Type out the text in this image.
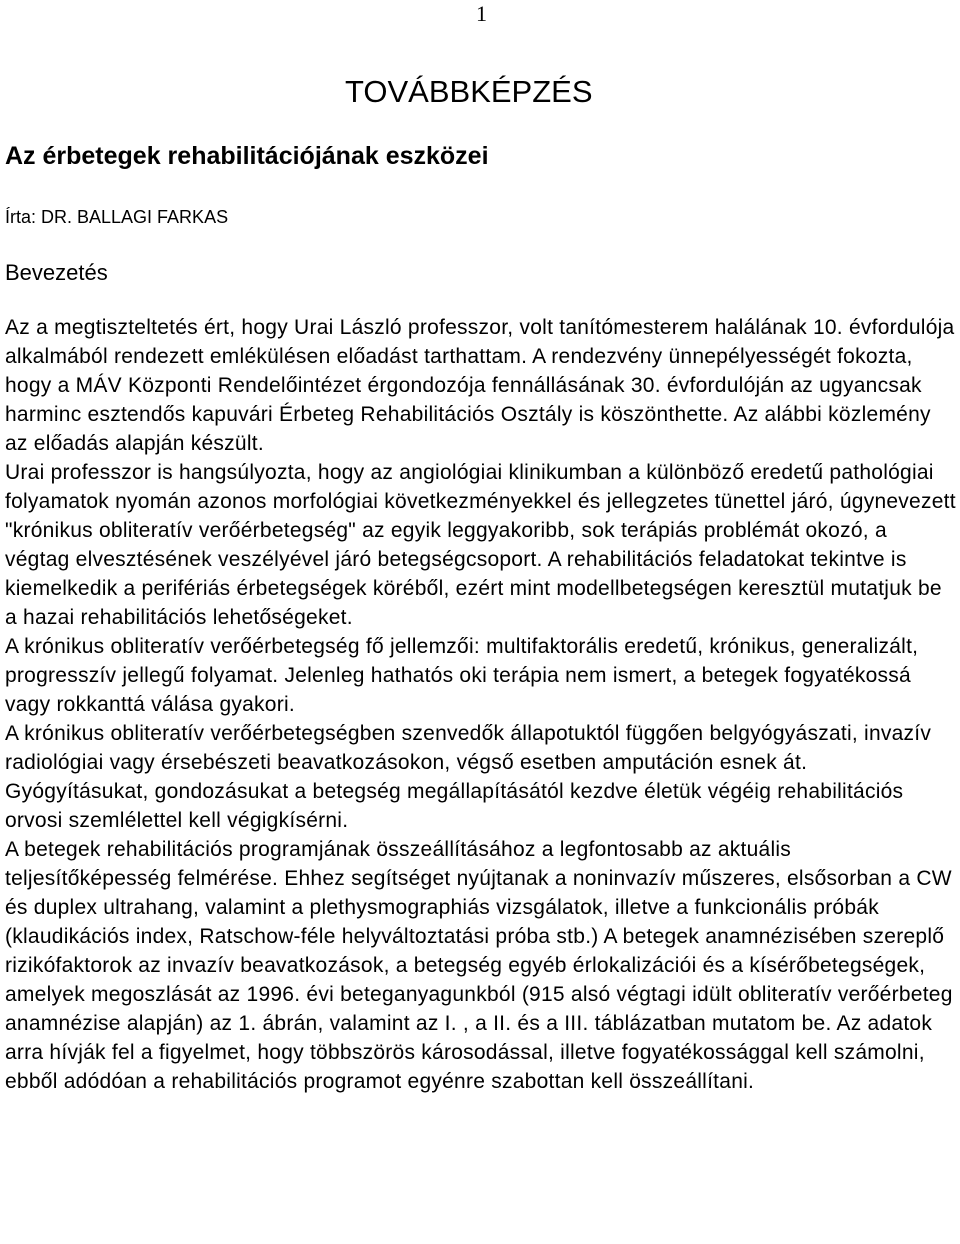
1
TOVÁBBKÉPZÉS
Az érbetegek rehabilitációjának eszközei
Írta: DR. BALLAGI FARKAS
Bevezetés

Az a megtiszteltetés ért, hogy Urai László professzor, volt tanítómesterem halálának 10. évfordulója alkalmából rendezett emlékülésen előadást tarthattam. A rendezvény ünnepélyességét fokozta, hogy a MÁV Központi Rendelőintézet érgondozója fennállásának 30. évfordulóján az ugyancsak harminc esztendős kapuvári Érbeteg Rehabilitációs Osztály is köszönthette. Az alábbi közlemény az előadás alapján készült.

Urai professzor is hangsúlyozta, hogy az angiológiai klinikumban a különböző eredetű pathológiai folyamatok nyomán azonos morfológiai következményekkel és jellegzetes tünettel járó, úgynevezett "krónikus obliteratív verőérbetegség" az egyik leggyakoribb, sok terápiás problémát okozó, a végtag elvesztésének veszélyével járó betegségcsoport. A rehabilitációs feladatokat tekintve is kiemelkedik a perifériás érbetegségek köréből, ezért mint modellbetegségen keresztül mutatjuk be a hazai rehabilitációs lehetőségeket.

A krónikus obliteratív verőérbetegség fő jellemzői: multifaktorális eredetű, krónikus, generalizált, progresszív jellegű folyamat. Jelenleg hathatós oki terápia nem ismert, a betegek fogyatékossá vagy rokkanttá válása gyakori.

A krónikus obliteratív verőérbetegségben szenvedők állapotuktól függően belgyógyászati, invazív radiológiai vagy érsebészeti beavatkozásokon, végső esetben amputáción esnek át. Gyógyításukat, gondozásukat a betegség megállapításától kezdve életük végéig rehabilitációs orvosi szemlélettel kell végigkísérni.

A betegek rehabilitációs programjának összeállításához a legfontosabb az aktuális teljesítőképesség felmérése. Ehhez segítséget nyújtanak a noninvazív műszeres, elsősorban a CW és duplex ultrahang, valamint a plethysmographiás vizsgálatok, illetve a funkcionális próbák (klaudikációs index, Ratschow-féle helyváltoztatási próba stb.) A betegek anamnézisében szereplő rizikófaktorok az invazív beavatkozások, a betegség egyéb érlokalizációi és a kísérőbetegségek, amelyek megoszlását az 1996. évi beteganyagunkból (915 alsó végtagi idült obliteratív verőérbeteg anamnézise alapján) az 1. ábrán, valamint az I. , a II. és a III. táblázatban mutatom be. Az adatok arra hívják fel a figyelmet, hogy többszörös károsodással, illetve fogyatékossággal kell számolni, ebből adódóan a rehabilitációs programot egyénre szabottan kell összeállítani.
